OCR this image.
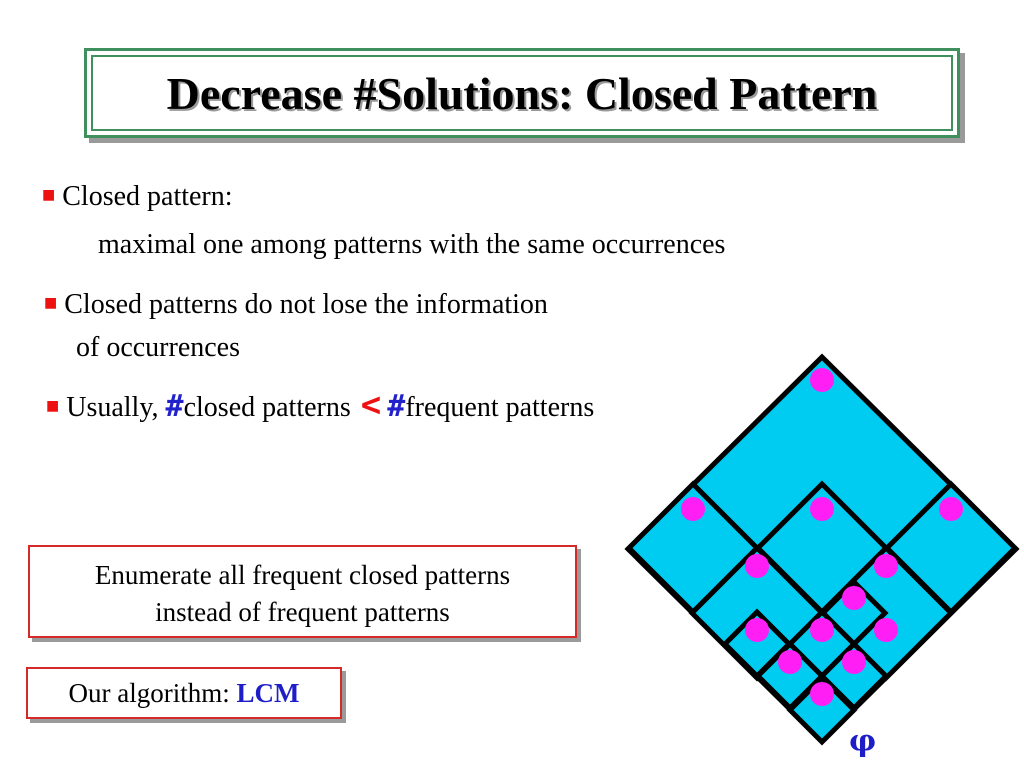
Decrease #Solutions: Closed Pattern
■ Closed pattern:
maximal one among patterns with the same occurrences
■ Closed patterns do not lose the information
of occurrences
■ Usually, #closed patterns < #frequent patterns
Enumerate all frequent closed patterns
instead of frequent patterns
Our algorithm: LCM
φ
